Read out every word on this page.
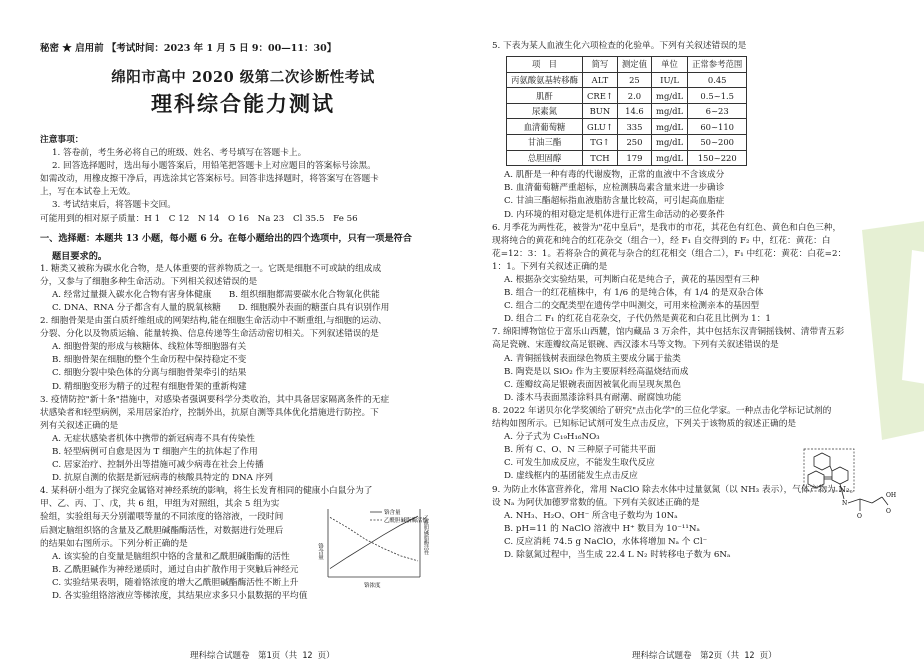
秘密 ★ 启用前 【考试时间：2023 年 1 月 5 日 9：00—11：30】

绵阳市高中 2020 级第二次诊断性考试

理科综合能力测试

注意事项：

1. 答卷前，考生务必将自己的班级、姓名、考号填写在答题卡上。

2. 回答选择题时，选出每小题答案后，用铅笔把答题卡上对应题目的答案标号涂黑。

如需改动，用橡皮擦干净后，再选涂其它答案标号。回答非选择题时，将答案写在答题卡

上，写在本试卷上无效。

3. 考试结束后，将答题卡交回。

可能用到的相对原子质量：H 1　C 12　N 14　O 16　Na 23　Cl 35.5　Fe 56

一、选择题：本题共 13 小题，每小题 6 分。在每小题给出的四个选项中，只有一项是符合

题目要求的。

1. 糖类又被称为碳水化合物，是人体重要的营养物质之一。它既是细胞不可或缺的组成成

分，又参与了细胞多种生命活动。下列相关叙述错误的是

A. 经常过量摄入碳水化合物有害身体健康　　B. 组织细胞都需要碳水化合物氧化供能

C. DNA、RNA 分子都含有人量的脱氧核糖　　D. 细胞膜外表面的糖蛋白具有识别作用

2. 细胞骨架是由蛋白质纤维组成的网架结构,能在细胞生命活动中不断重组,与细胞的运动、

分裂、分化以及物质运输、能量转换、信息传递等生命活动密切相关。下列叙述错误的是

A. 细胞骨架的形成与核糖体、线粒体等细胞器有关

B. 细胞骨架在细胞的整个生命历程中保持稳定不变

C. 细胞分裂中染色体的分离与细胞骨架牵引的结果

D. 精细胞变形为精子的过程有细胞骨架的重新构建

3. 疫情防控"新十条"措施中，对感染者强调要科学分类收治，其中具备居家隔离条件的无症

状感染者和轻型病例，采用居家治疗，控制外出，抗原自测等具体优化措施进行防控。下

列有关叙述正确的是

A. 无症状感染者机体中携带的新冠病毒不具有传染性

B. 轻型病例可自愈是因为 T 细胞产生的抗体起了作用

C. 居家治疗、控制外出等措施可减少病毒在社会上传播

D. 抗原自测的依据是新冠病毒的核酸具特定的 DNA 序列

4. 某科研小组为了探究金属铬对神经系统的影响，将生长发育相同的健康小白鼠分为了

甲、乙、丙、丁、戊，共 6 组，甲组为对照组，其余 5 组为实

验组，实验组每天分别灌喂等量的不同浓度的铬溶液，一段时间

后测定脑组织铬的含量及乙酰胆碱酯酶活性，对数据进行处理后

的结果如右图所示。下列分析正确的是

A. 该实验的自变量是脑组织中铬的含量和乙酰胆碱脂酶的活性

B. 乙酰胆碱作为神经递质时，通过自由扩散作用于突触后神经元

C. 实验结果表明，随着铬浓度的增大乙酰胆碱酯酶活性不断上升

D. 各实验组铬溶液应等梯浓度，其结果应求多只小鼠数据的平均值

铬含量
乙酰胆碱脂酶活性
铬含量	乙酰胆碱脂酶活性
铬浓度
理科综合试题卷　第1页（共 12 页）

5. 下表为某人血液生化六项检查的化验单。下列有关叙述错误的是

项　目	简写	测定值	单位	正常参考范围
丙氨酸氨基转移酶	ALT	25	IU/L	0.45
肌酐	CRE↑	2.0	mg/dL	0.5~1.5
尿素氮	BUN	14.6	mg/dL	6~23
血清葡萄糖	GLU↑	335	mg/dL	60~110
甘油三酯	TG↑	250	mg/dL	50~200
总胆固醇	TCH	179	mg/dL	150~220

A. 肌酐是一种有毒的代谢废物，正常的血液中不含该成分

B. 血清葡萄糖严重超标，应检测胰岛素含量来进一步确诊

C. 甘油三酯超标指血液脂肪含量比较高，可引起高血脂症

D. 内环境的相对稳定是机体进行正常生命活动的必要条件

6. 月季花为两性花，被誉为"花中皇后"，是我市的市花，其花色有红色、黄色和白色三种，

现将纯合的黄花和纯合的红花杂交（组合一），经 F₁ 自交得到的 F₂ 中，红花：黄花：白

花=12：3：1。若将杂合的黄花与杂合的红花相交（组合二），F₁ 中红花：黄花：白花=2：

1：1。下列有关叙述正确的是

A. 根据杂交实验结果，可判断白花是纯合子，黄花的基因型有三种

B. 组合一的红花植株中，有 1/6 的是纯合体，有 1/4 的是双杂合体

C. 组合二的交配类型在遗传学中叫测交，可用来检测亲本的基因型

D. 组合二 F₁ 的红花自花杂交，子代仍然是黄花和白花且比例为 1：1

7. 绵阳博物馆位于富乐山西麓，馆内藏品 3 万余件，其中包括东汉青铜摇钱树、清带青五彩

高足瓷碗、宋莲瓣纹高足银碗、西汉漆木马等文物。下列有关叙述错误的是

A. 青铜摇钱树表面绿色物质主要成分属于盐类

B. 陶瓷是以 SiO₂ 作为主要原料经高温烧结而成

C. 莲瓣纹高足银碗表面因被氧化而呈现灰黑色

D. 漆木马表面黑漆涂料具有耐潮、耐腐蚀功能

8. 2022 年诺贝尔化学奖颁给了研究"点击化学"的三位化学家。一种点击化学标记试剂的

结构如图所示。已知标记试剂可发生点击反应，下列关于该物质的叙述正确的是

A. 分子式为 C₁₉H₁₆NO₃

B. 所有 C、O、N 三种原子可能共平面

C. 可发生加成反应，不能发生取代反应

D. 虚线框内的基团能发生点击反应

9. 为防止水体富营养化，常用 NaClO 除去水体中过量氨氮（以 NH₃ 表示），气体产物为 N₂。

设 Nₐ 为阿伏加德罗常数的值。下列有关叙述正确的是

A. NH₃、H₂O、OH⁻ 所含电子数均为 10Nₐ

B. pH=11 的 NaClO 溶液中 H⁺ 数目为 10⁻¹¹Nₐ

C. 反应消耗 74.5 g NaClO，水体将增加 Nₐ 个 Cl⁻

D. 除氨氮过程中，当生成 22.4 L N₂ 时转移电子数为 6Nₐ

N
O
OH
O
理科综合试题卷　第2页（共 12 页）
